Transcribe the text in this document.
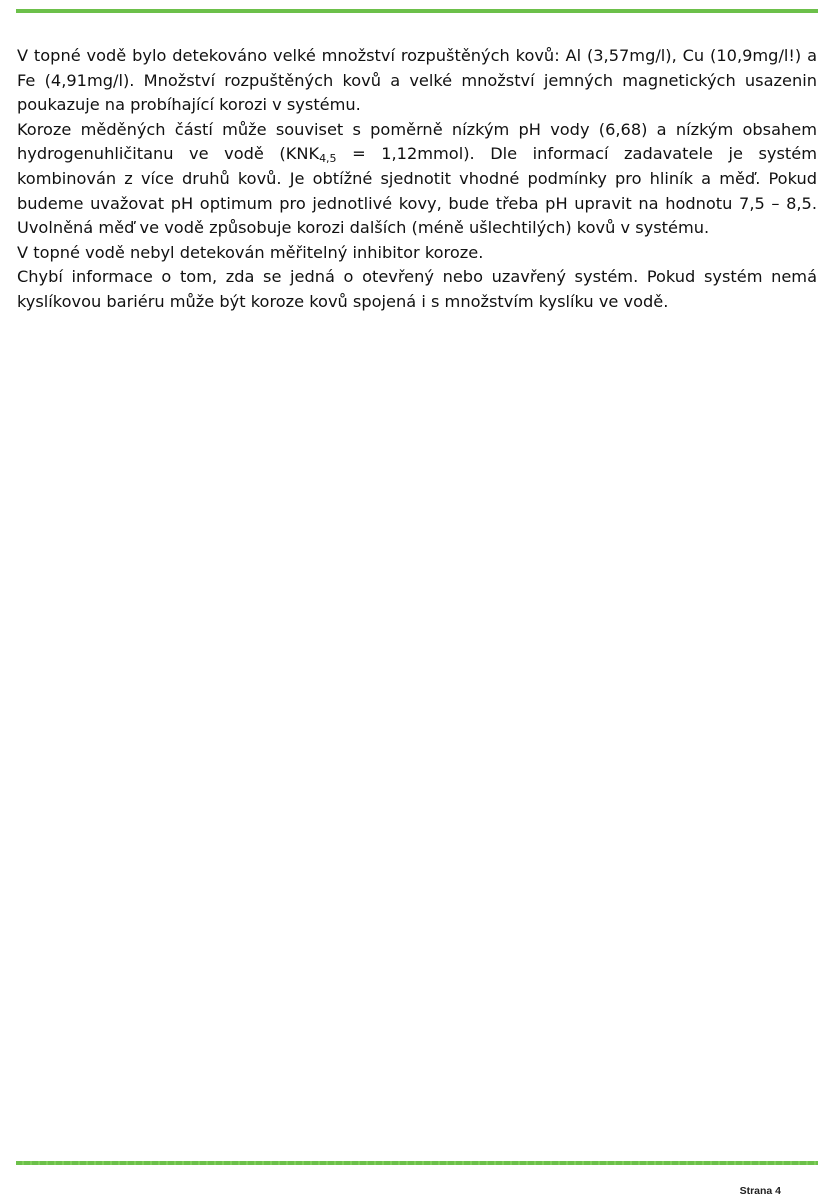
V topné vodě bylo detekováno velké množství rozpuštěných kovů: Al (3,57mg/l), Cu (10,9mg/l!) a Fe (4,91mg/l). Množství rozpuštěných kovů a velké množství jemných magnetických usazenin poukazuje na probíhající korozi v systému.

Koroze měděných částí může souviset s poměrně nízkým pH vody (6,68) a nízkým obsahem hydrogenuhličitanu ve vodě ($KNK_{4,5}$ = 1,12mmol). Dle informací zadavatele je systém kombinován z více druhů kovů. Je obtížné sjednotit vhodné podmínky pro hliník a měď. Pokud budeme uvažovat pH optimum pro jednotlivé kovy, bude třeba pH upravit na hodnotu 7,5 – 8,5. Uvolněná měď ve vodě způsobuje korozi dalších (méně ušlechtilých) kovů v systému.

V topné vodě nebyl detekován měřitelný inhibitor koroze.

Chybí informace o tom, zda se jedná o otevřený nebo uzavřený systém. Pokud systém nemá kyslíkovou bariéru může být koroze kovů spojená i s množstvím kyslíku ve vodě.

Strana 4
